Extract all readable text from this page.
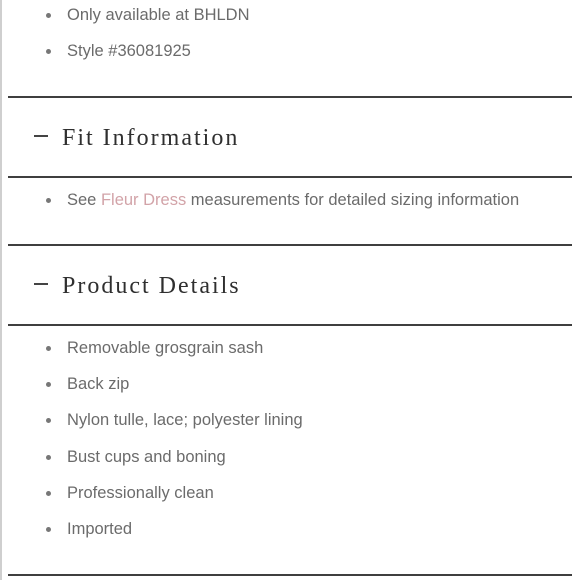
Only available at BHLDN
Style #36081925
Fit Information
See Fleur Dress measurements for detailed sizing information
Product Details
Removable grosgrain sash
Back zip
Nylon tulle, lace; polyester lining
Bust cups and boning
Professionally clean
Imported
